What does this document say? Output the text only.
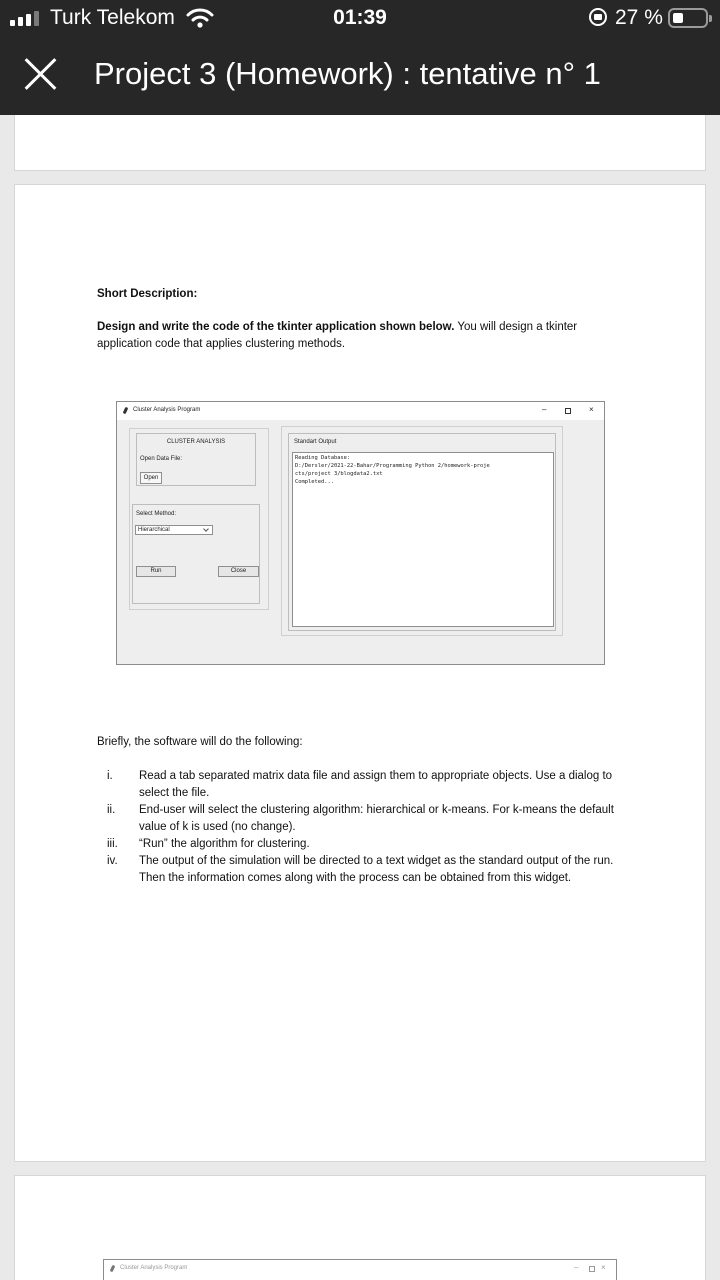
Turk Telekom	01:39	27 %
Project 3 (Homework) : tentative n° 1
Short Description:
Design and write the code of the tkinter application shown below. You will design a tkinter application code that applies clustering methods.
Cluster Analysis Program	–	×
CLUSTER ANALYSIS
Open Data File:
Open
Select Method:
Hierarchical
Run	Close
Standart Output
Reading Database:
D:/Dersler/2021-22-Bahar/Programming Python 2/homework-proje
cts/project 3/blogdata2.txt
Completed...
Briefly, the software will do the following:
i.	Read a tab separated matrix data file and assign them to appropriate objects. Use a dialog to select the file.
ii.	End-user will select the clustering algorithm: hierarchical or k-means. For k-means the default value of k is used (no change).
iii.	“Run” the algorithm for clustering.
iv.	The output of the simulation will be directed to a text widget as the standard output of the run. Then the information comes along with the process can be obtained from this widget.
Cluster Analysis Program	–	×
